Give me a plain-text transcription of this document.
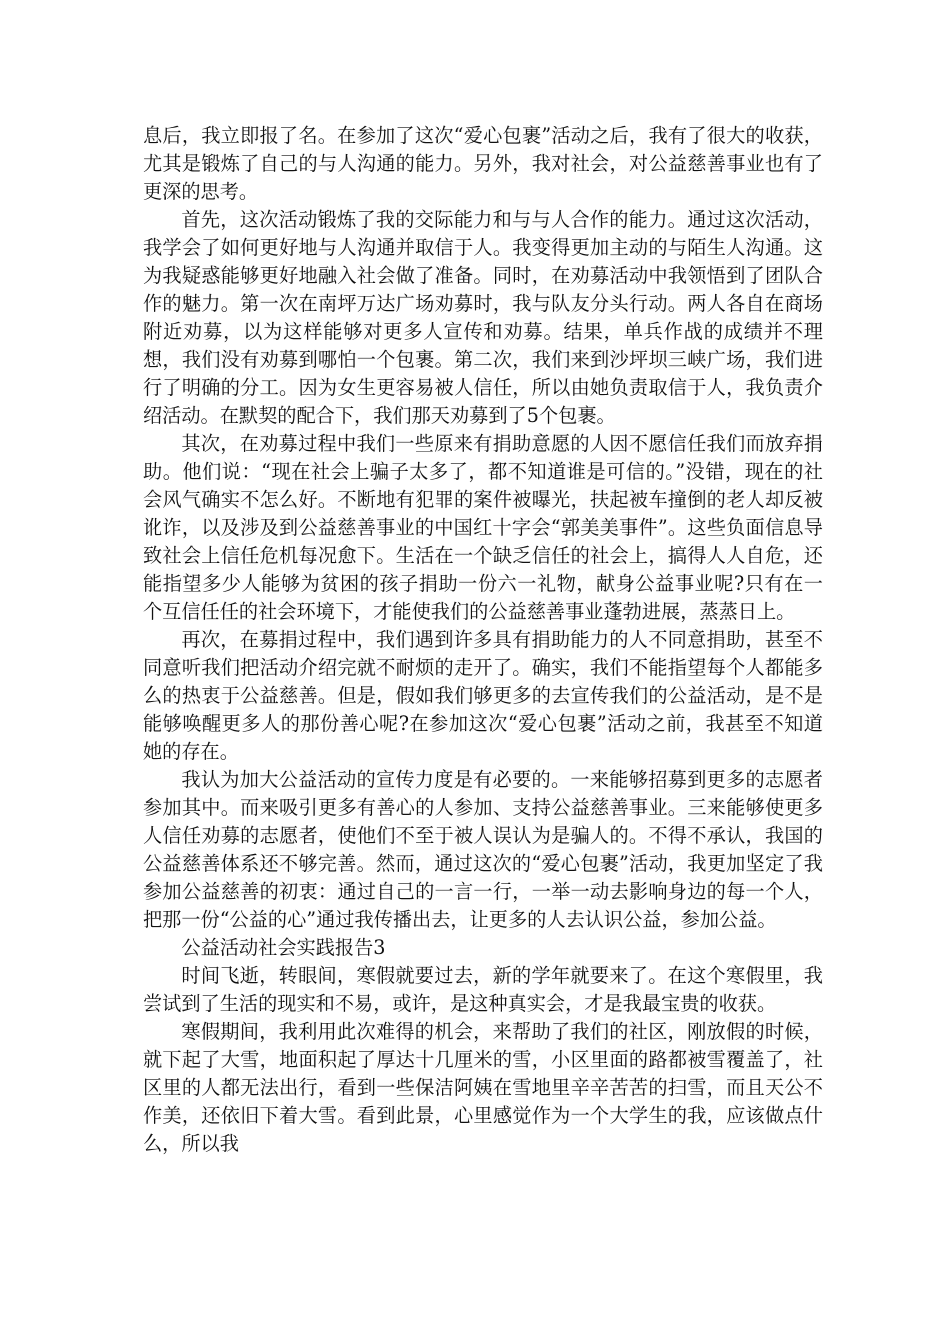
息后，我立即报了名。在参加了这次“爱心包裹”活动之后，我有了很大的收获，尤其是锻炼了自己的与人沟通的能力。另外，我对社会，对公益慈善事业也有了更深的思考。

首先，这次活动锻炼了我的交际能力和与与人合作的能力。通过这次活动，我学会了如何更好地与人沟通并取信于人。我变得更加主动的与陌生人沟通。这为我疑惑能够更好地融入社会做了准备。同时，在劝募活动中我领悟到了团队合作的魅力。第一次在南坪万达广场劝募时，我与队友分头行动。两人各自在商场附近劝募，以为这样能够对更多人宣传和劝募。结果，单兵作战的成绩并不理想，我们没有劝募到哪怕一个包裹。第二次，我们来到沙坪坝三峡广场，我们进行了明确的分工。因为女生更容易被人信任，所以由她负责取信于人，我负责介绍活动。在默契的配合下，我们那天劝募到了5个包裹。

其次，在劝募过程中我们一些原来有捐助意愿的人因不愿信任我们而放弃捐助。他们说：“现在社会上骗子太多了，都不知道谁是可信的。”没错，现在的社会风气确实不怎么好。不断地有犯罪的案件被曝光，扶起被车撞倒的老人却反被讹诈，以及涉及到公益慈善事业的中国红十字会“郭美美事件”。这些负面信息导致社会上信任危机每况愈下。生活在一个缺乏信任的社会上，搞得人人自危，还能指望多少人能够为贫困的孩子捐助一份六一礼物，献身公益事业呢?只有在一个互信任任的社会环境下，才能使我们的公益慈善事业蓬勃进展，蒸蒸日上。

再次，在募捐过程中，我们遇到许多具有捐助能力的人不同意捐助，甚至不同意听我们把活动介绍完就不耐烦的走开了。确实，我们不能指望每个人都能多么的热衷于公益慈善。但是，假如我们够更多的去宣传我们的公益活动，是不是能够唤醒更多人的那份善心呢?在参加这次“爱心包裹”活动之前，我甚至不知道她的存在。

我认为加大公益活动的宣传力度是有必要的。一来能够招募到更多的志愿者参加其中。而来吸引更多有善心的人参加、支持公益慈善事业。三来能够使更多人信任劝募的志愿者，使他们不至于被人误认为是骗人的。不得不承认，我国的公益慈善体系还不够完善。然而，通过这次的“爱心包裹”活动，我更加坚定了我参加公益慈善的初衷：通过自己的一言一行，一举一动去影响身边的每一个人，把那一份“公益的心”通过我传播出去，让更多的人去认识公益，参加公益。

公益活动社会实践报告3

时间飞逝，转眼间，寒假就要过去，新的学年就要来了。在这个寒假里，我尝试到了生活的现实和不易，或许，是这种真实会，才是我最宝贵的收获。

寒假期间，我利用此次难得的机会，来帮助了我们的社区，刚放假的时候，就下起了大雪，地面积起了厚达十几厘米的雪，小区里面的路都被雪覆盖了，社区里的人都无法出行，看到一些保洁阿姨在雪地里辛辛苦苦的扫雪，而且天公不作美，还依旧下着大雪。看到此景，心里感觉作为一个大学生的我，应该做点什么，所以我
